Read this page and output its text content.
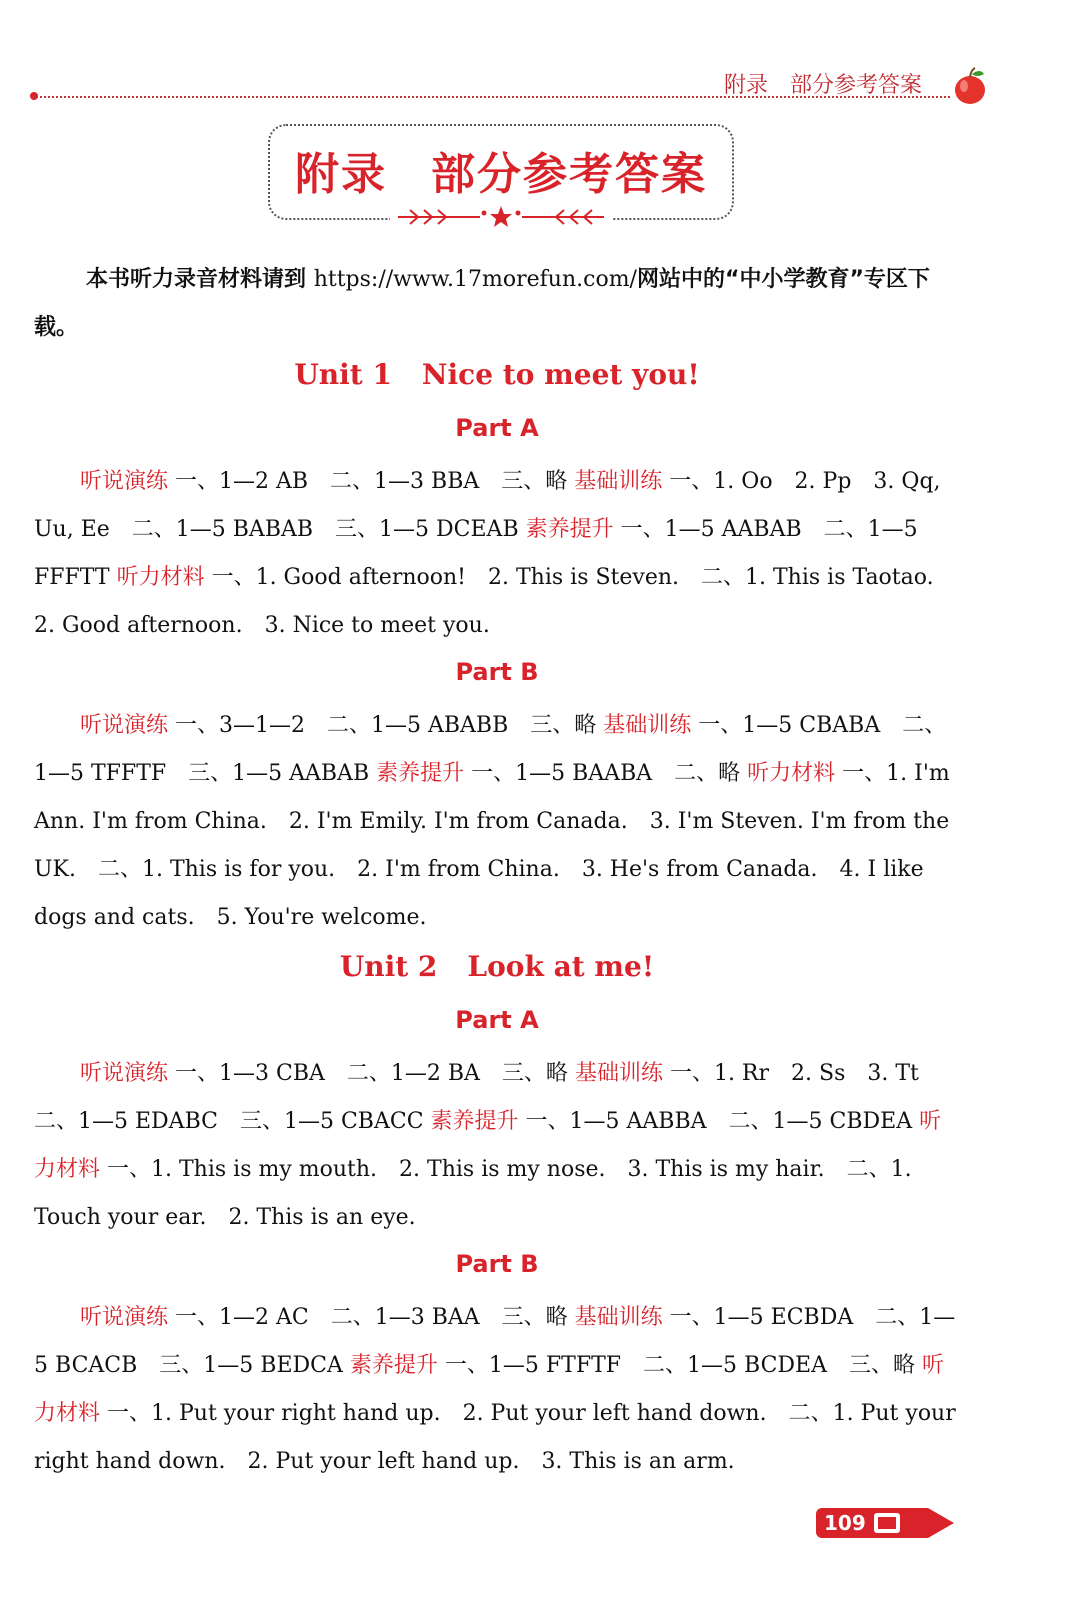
附录 部分参考答案
附录 部分参考答案
本书听力录音材料请到 https://www.17morefun.com/网站中的“中小学教育”专区下载。
Unit 1 Nice to meet you!
Part A
听说演练 一、1—2 AB　二、1—3 BBA　三、略 基础训练 一、1. Oo　2. Pp　3. Qq, Uu, Ee　二、1—5 BABAB　三、1—5 DCEAB 素养提升 一、1—5 AABAB　二、1—5 FFFTT 听力材料 一、1. Good afternoon!　2. This is Steven.　二、1. This is Taotao.　2. Good afternoon.　3. Nice to meet you.
Part B
听说演练 一、3—1—2　二、1—5 ABABB　三、略 基础训练 一、1—5 CBABA　二、1—5 TFFTF　三、1—5 AABAB 素养提升 一、1—5 BAABA　二、略 听力材料 一、1. I'm Ann. I'm from China.　2. I'm Emily. I'm from Canada.　3. I'm Steven. I'm from the UK.　二、1. This is for you.　2. I'm from China.　3. He's from Canada.　4. I like dogs and cats.　5. You're welcome.
Unit 2 Look at me!
Part A
听说演练 一、1—3 CBA　二、1—2 BA　三、略 基础训练 一、1. Rr　2. Ss　3. Tt　二、1—5 EDABC　三、1—5 CBACC 素养提升 一、1—5 AABBA　二、1—5 CBDEA 听力材料 一、1. This is my mouth.　2. This is my nose.　3. This is my hair.　二、1. Touch your ear.　2. This is an eye.
Part B
听说演练 一、1—2 AC　二、1—3 BAA　三、略 基础训练 一、1—5 ECBDA　二、1—5 BCACB　三、1—5 BEDCA 素养提升 一、1—5 FTFTF　二、1—5 BCDEA　三、略 听力材料 一、1. Put your right hand up.　2. Put your left hand down.　二、1. Put your right hand down.　2. Put your left hand up.　3. This is an arm.
109
